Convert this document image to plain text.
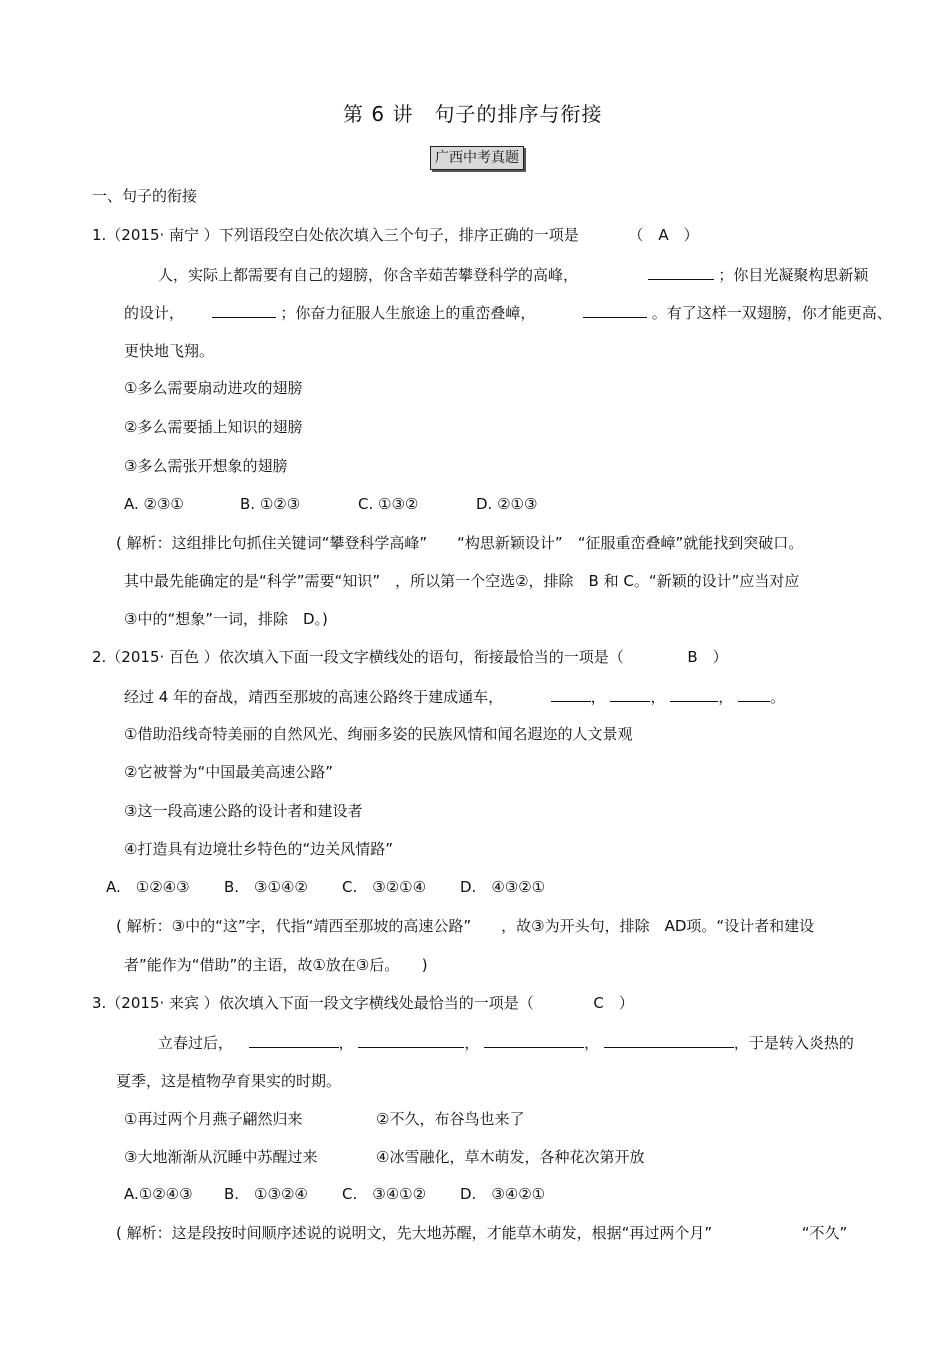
第 6 讲　句子的排序与衔接
广西中考真题
一、句子的衔接
1.（2015· 南宁 ）下列语段空白处依次填入三个句子，排序正确的一项是	（　A　）
人，实际上都需要有自己的翅膀，你含辛茹苦攀登科学的高峰，	；你目光凝聚构思新颖
的设计，	；你奋力征服人生旅途上的重峦叠嶂，	。有了这样一双翅膀，你才能更高、
更快地飞翔。
①多么需要扇动进攻的翅膀
②多么需要插上知识的翅膀
③多么需张开想象的翅膀
A. ②③①	B. ①②③	C. ①③②	D. ②①③
( 解析：这组排比句抓住关键词“攀登科学高峰”　　“构思新颖设计”　“征服重峦叠嶂”就能找到突破口。
其中最先能确定的是“科学”需要“知识”　，所以第一个空选②，排除　B 和 C。“新颖的设计”应当对应
③中的“想象”一词，排除　D。)
2.（2015· 百色 ）依次填入下面一段文字横线处的语句，衔接最恰当的一项是（	B　）
经过 4 年的奋战，靖西至那坡的高速公路终于建成通车，	，	，	， 。
①借助沿线奇特美丽的自然风光、绚丽多姿的民族风情和闻名遐迩的人文景观
②它被誉为“中国最美高速公路”
③这一段高速公路的设计者和建设者
④打造具有边境壮乡特色的“边关风情路”
A.　①②④③ B.　③①④② C.　③②①④ D.　④③②①
( 解析：③中的“这”字，代指“靖西至那坡的高速公路”　　，故③为开头句，排除　AD项。“设计者和建设
者”能作为“借助”的主语，故①放在③后。　　)
3.（2015· 来宾 ）依次填入下面一段文字横线处最恰当的一项是（	C　）
立春过后，	，	，	，	，于是转入炎热的
夏季，这是植物孕育果实的时期。
①再过两个月燕子翩然归来	②不久，布谷鸟也来了
③大地渐渐从沉睡中苏醒过来	④冰雪融化，草木萌发，各种花次第开放
A.①②④③ B.　①③②④ C.　③④①② D.　③④②①
( 解析：这是段按时间顺序述说的说明文，先大地苏醒，才能草木萌发，根据“再过两个月”	“不久”
